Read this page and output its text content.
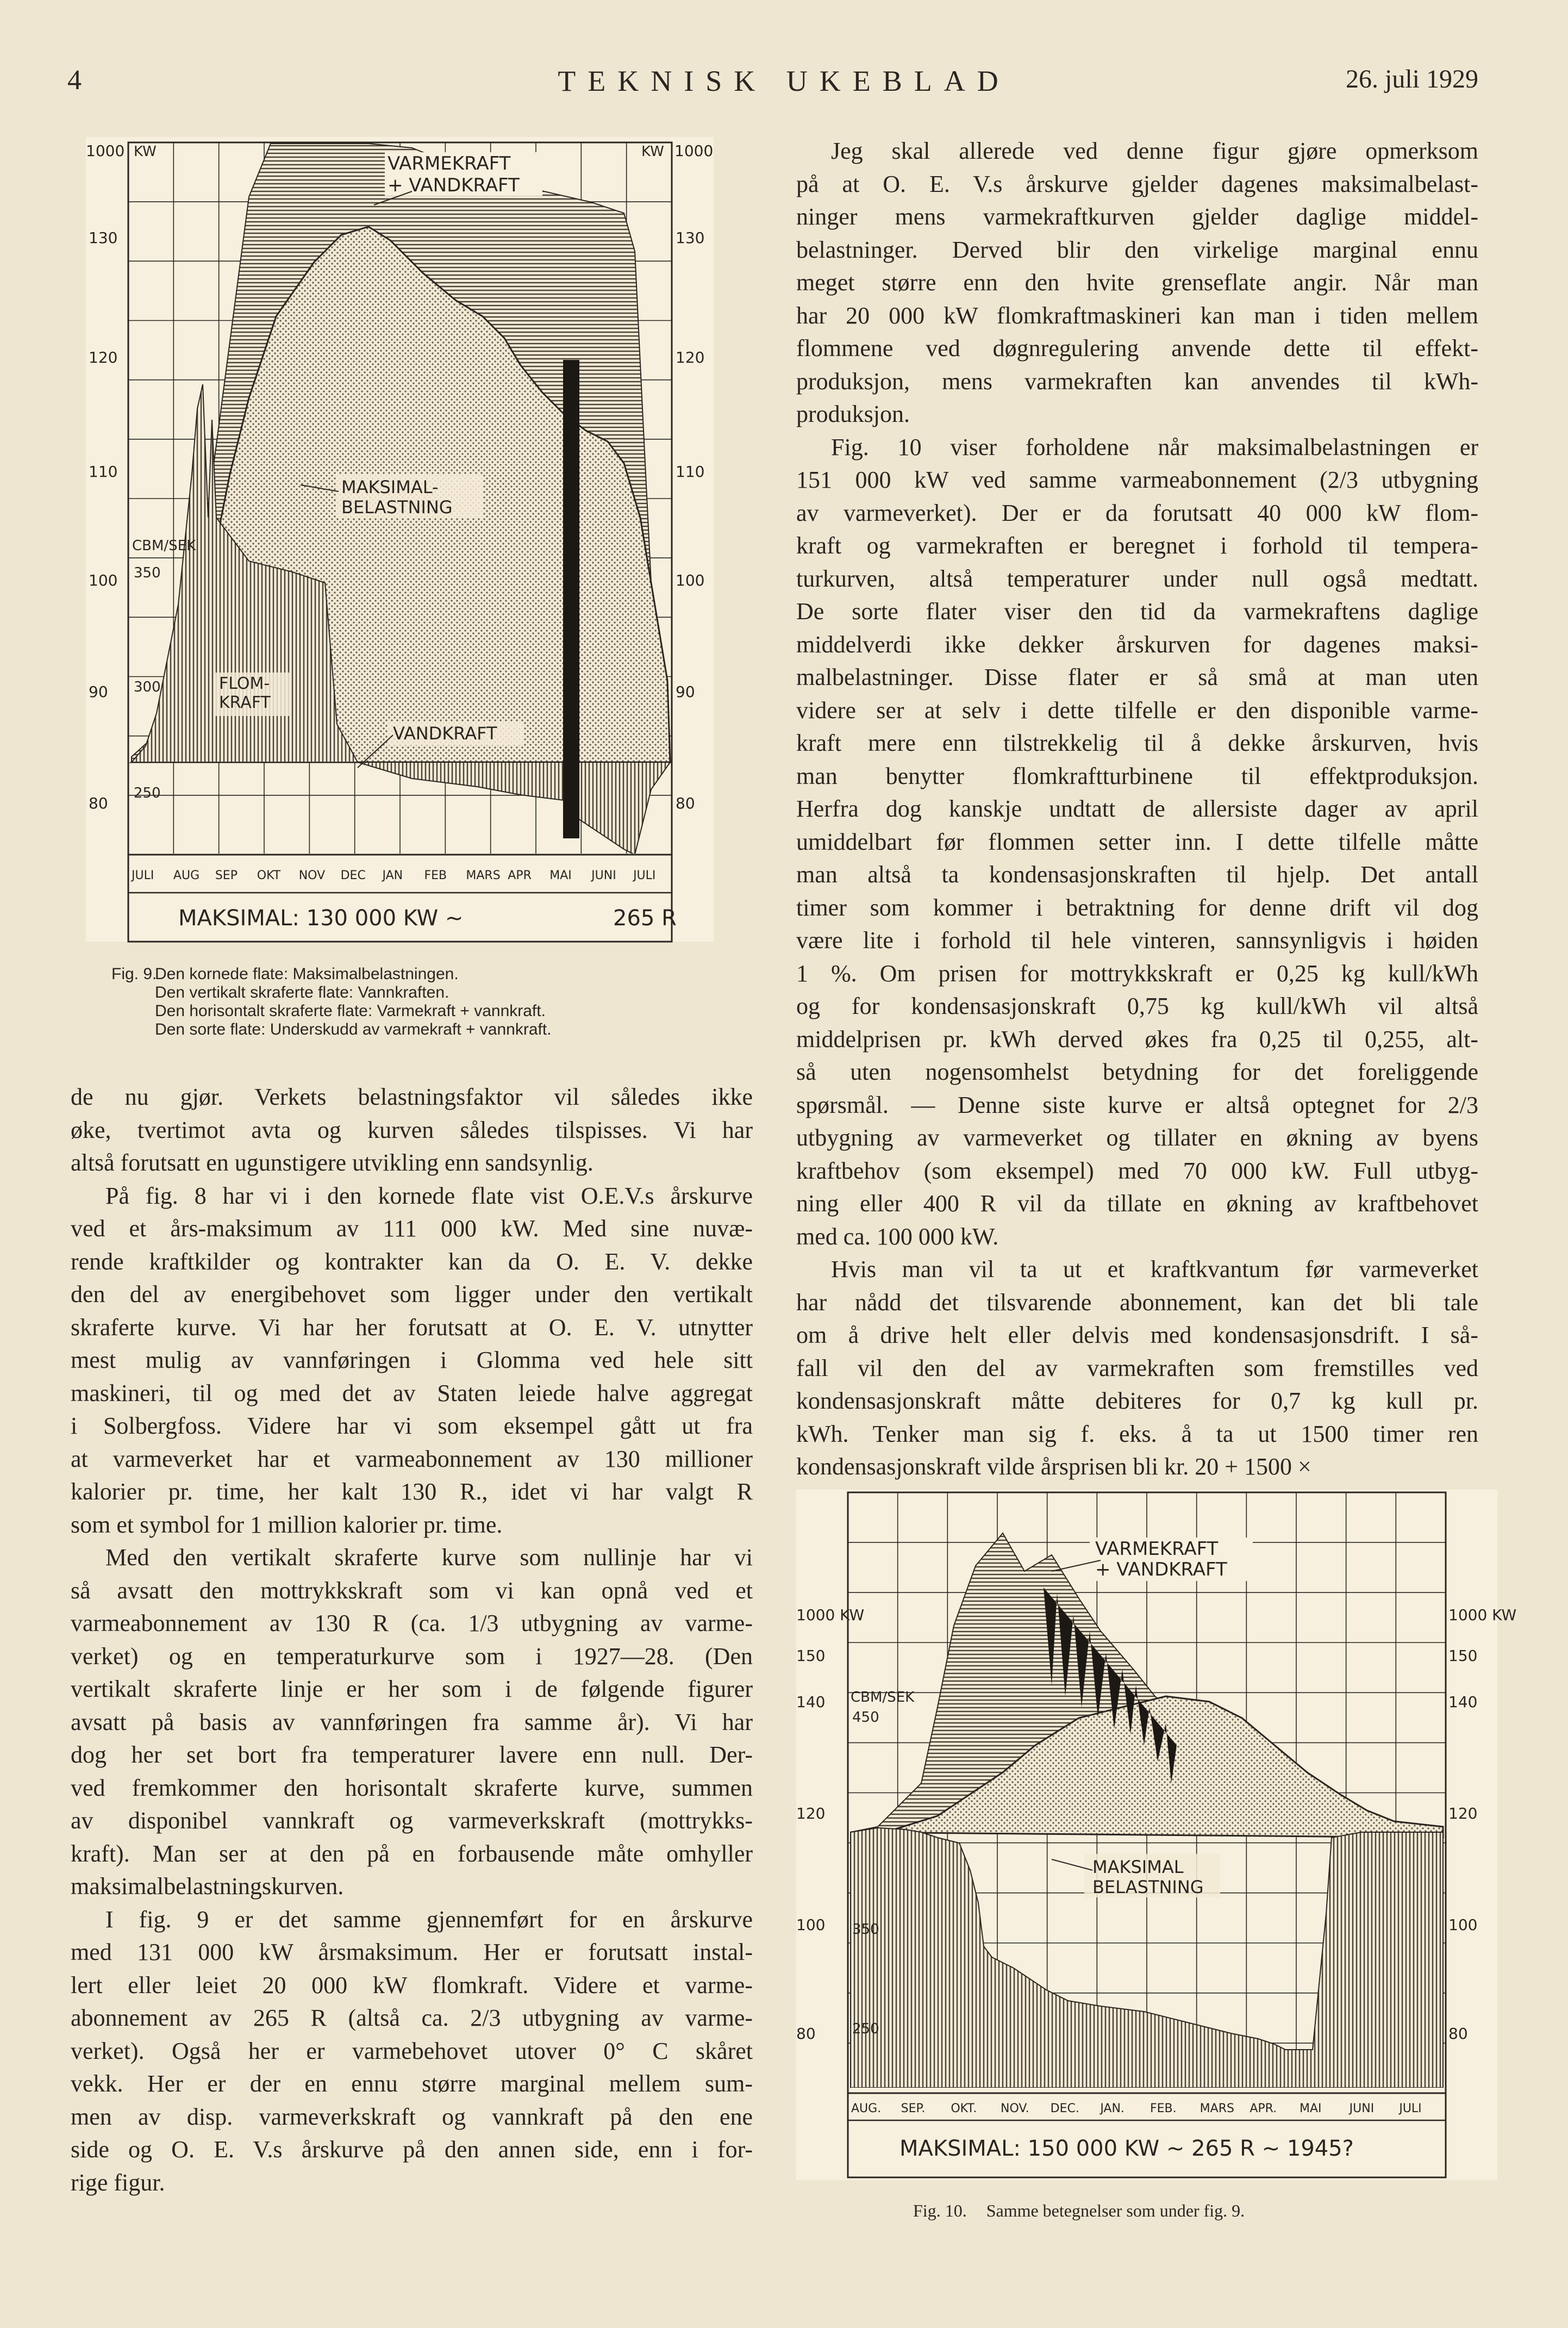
4	TEKNISK UKEBLAD	26. juli 1929
1000 KW	KW 1000
130	130
120	120
110	110
100	100
90	90
80	80
CBM/SEK
350
300
250
VARMEKRAFT
+ VANDKRAFT
MAKSIMAL-
BELASTNING
FLOM-
KRAFT
VANDKRAFT
JULI AUG SEP OKT NOV DEC JAN FEB MARS APR MAI JUNI JULI
MAKSIMAL: 130 000 KW ~	265 R
Fig. 9.
Den kornede flate: Maksimalbelastningen.
Den vertikalt skraferte flate: Vannkraften.
Den horisontalt skraferte flate: Varmekraft + vannkraft.
Den sorte flate: Underskudd av varmekraft + vannkraft.
1000 KW	1000 KW
150	150
140	140
120	120
100	100
80	80
CBM/SEK
450
350
250
VARMEKRAFT
+ VANDKRAFT
MAKSIMAL
BELASTNING
AUG. SEP. OKT. NOV. DEC. JAN. FEB. MARS APR. MAI JUNI JULI
MAKSIMAL: 150 000 KW ~ 265 R ~ 1945?
Fig. 10. Samme betegnelser som under fig. 9.

de nu gjør. Verkets belastningsfaktor vil således ikke
øke, tvertimot avta og kurven således tilspisses. Vi har
altså forutsatt en ugunstigere utvikling enn sandsynlig.

På fig. 8 har vi i den kornede flate vist O.E.V.s årskurve
ved et års-maksimum av 111 000 kW. Med sine nuvæ-
rende kraftkilder og kontrakter kan da O. E. V. dekke
den del av energibehovet som ligger under den vertikalt
skraferte kurve. Vi har her forutsatt at O. E. V. utnytter
mest mulig av vannføringen i Glomma ved hele sitt
maskineri, til og med det av Staten leiede halve aggregat
i Solbergfoss. Videre har vi som eksempel gått ut fra
at varmeverket har et varmeabonnement av 130 millioner
kalorier pr. time, her kalt 130 R., idet vi har valgt R
som et symbol for 1 million kalorier pr. time.

Med den vertikalt skraferte kurve som nullinje har vi
så avsatt den mottrykkskraft som vi kan opnå ved et
varmeabonnement av 130 R (ca. 1/3 utbygning av varme-
verket) og en temperaturkurve som i 1927—28. (Den
vertikalt skraferte linje er her som i de følgende figurer
avsatt på basis av vannføringen fra samme år). Vi har
dog her set bort fra temperaturer lavere enn null. Der-
ved fremkommer den horisontalt skraferte kurve, summen
av disponibel vannkraft og varmeverkskraft (mottrykks-
kraft). Man ser at den på en forbausende måte omhyller
maksimalbelastningskurven.

I fig. 9 er det samme gjennemført for en årskurve
med 131 000 kW årsmaksimum. Her er forutsatt instal-
lert eller leiet 20 000 kW flomkraft. Videre et varme-
abonnement av 265 R (altså ca. 2/3 utbygning av varme-
verket). Også her er varmebehovet utover 0° C skåret
vekk. Her er der en ennu større marginal mellem sum-
men av disp. varmeverkskraft og vannkraft på den ene
side og O. E. V.s årskurve på den annen side, enn i for-
rige figur.

Jeg skal allerede ved denne figur gjøre opmerksom
på at O. E. V.s årskurve gjelder dagenes maksimalbelast-
ninger mens varmekraftkurven gjelder daglige middel-
belastninger. Derved blir den virkelige marginal ennu
meget større enn den hvite grenseflate angir. Når man
har 20 000 kW flomkraftmaskineri kan man i tiden mellem
flommene ved døgnregulering anvende dette til effekt-
produksjon, mens varmekraften kan anvendes til kWh-
produksjon.

Fig. 10 viser forholdene når maksimalbelastningen er
151 000 kW ved samme varmeabonnement (2/3 utbygning
av varmeverket). Der er da forutsatt 40 000 kW flom-
kraft og varmekraften er beregnet i forhold til tempera-
turkurven, altså temperaturer under null også medtatt.
De sorte flater viser den tid da varmekraftens daglige
middelverdi ikke dekker årskurven for dagenes maksi-
malbelastninger. Disse flater er så små at man uten
videre ser at selv i dette tilfelle er den disponible varme-
kraft mere enn tilstrekkelig til å dekke årskurven, hvis
man benytter flomkraftturbinene til effektproduksjon.
Herfra dog kanskje undtatt de allersiste dager av april
umiddelbart før flommen setter inn. I dette tilfelle måtte
man altså ta kondensasjonskraften til hjelp. Det antall
timer som kommer i betraktning for denne drift vil dog
være lite i forhold til hele vinteren, sannsynligvis i høiden
1 %. Om prisen for mottrykkskraft er 0,25 kg kull/kWh
og for kondensasjonskraft 0,75 kg kull/kWh vil altså
middelprisen pr. kWh derved økes fra 0,25 til 0,255, alt-
så uten nogensomhelst betydning for det foreliggende
spørsmål. — Denne siste kurve er altså optegnet for 2/3
utbygning av varmeverket og tillater en økning av byens
kraftbehov (som eksempel) med 70 000 kW. Full utbyg-
ning eller 400 R vil da tillate en økning av kraftbehovet
med ca. 100 000 kW.

Hvis man vil ta ut et kraftkvantum før varmeverket
har nådd det tilsvarende abonnement, kan det bli tale
om å drive helt eller delvis med kondensasjonsdrift. I så-
fall vil den del av varmekraften som fremstilles ved
kondensasjonskraft måtte debiteres for 0,7 kg kull pr.
kWh. Tenker man sig f. eks. å ta ut 1500 timer ren
kondensasjonskraft vilde årsprisen bli kr. 20 + 1500 ×
